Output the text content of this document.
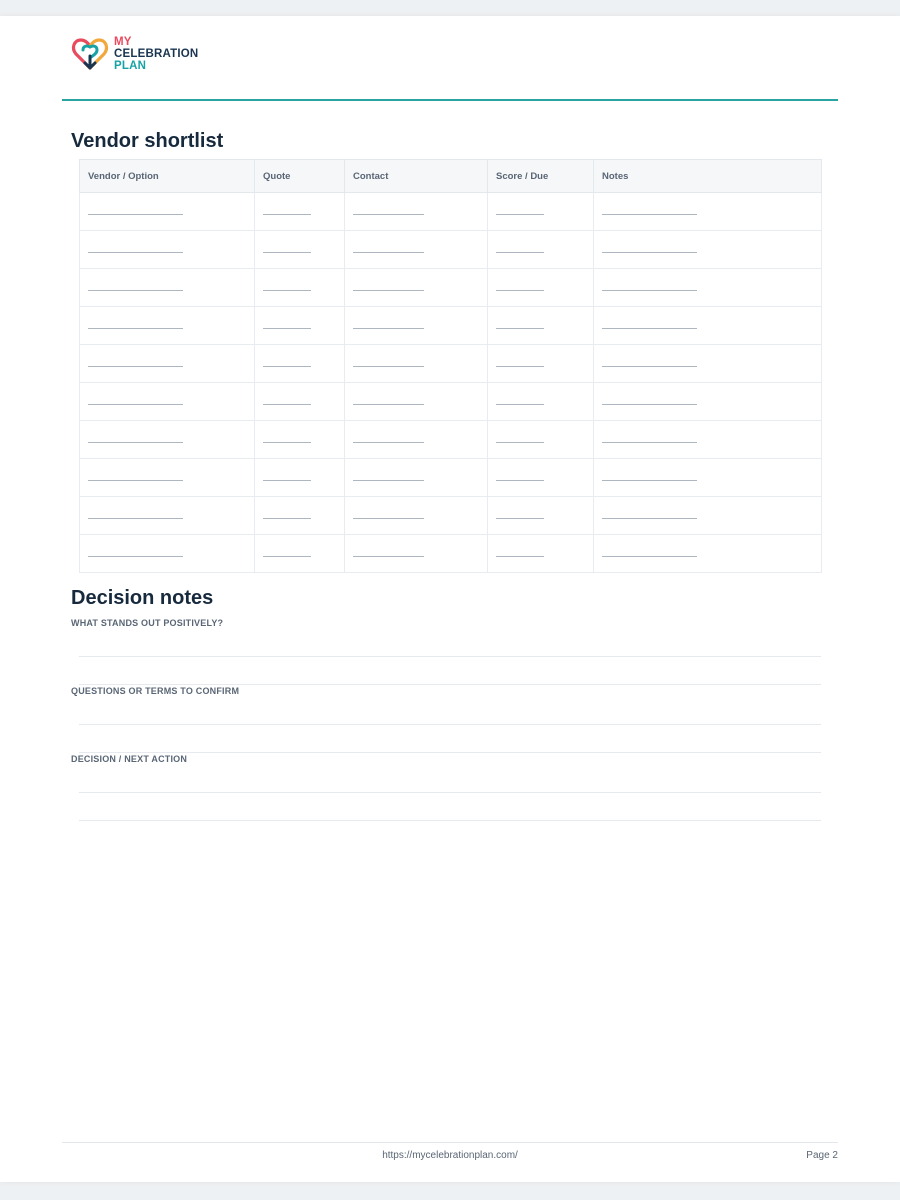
MY
CELEBRATION
PLAN
Vendor shortlist
Vendor / Option	Quote	Contact	Score / Due	Notes

Decision notes
WHAT STANDS OUT POSITIVELY?
QUESTIONS OR TERMS TO CONFIRM
DECISION / NEXT ACTION
https://mycelebrationplan.com/	Page 2
